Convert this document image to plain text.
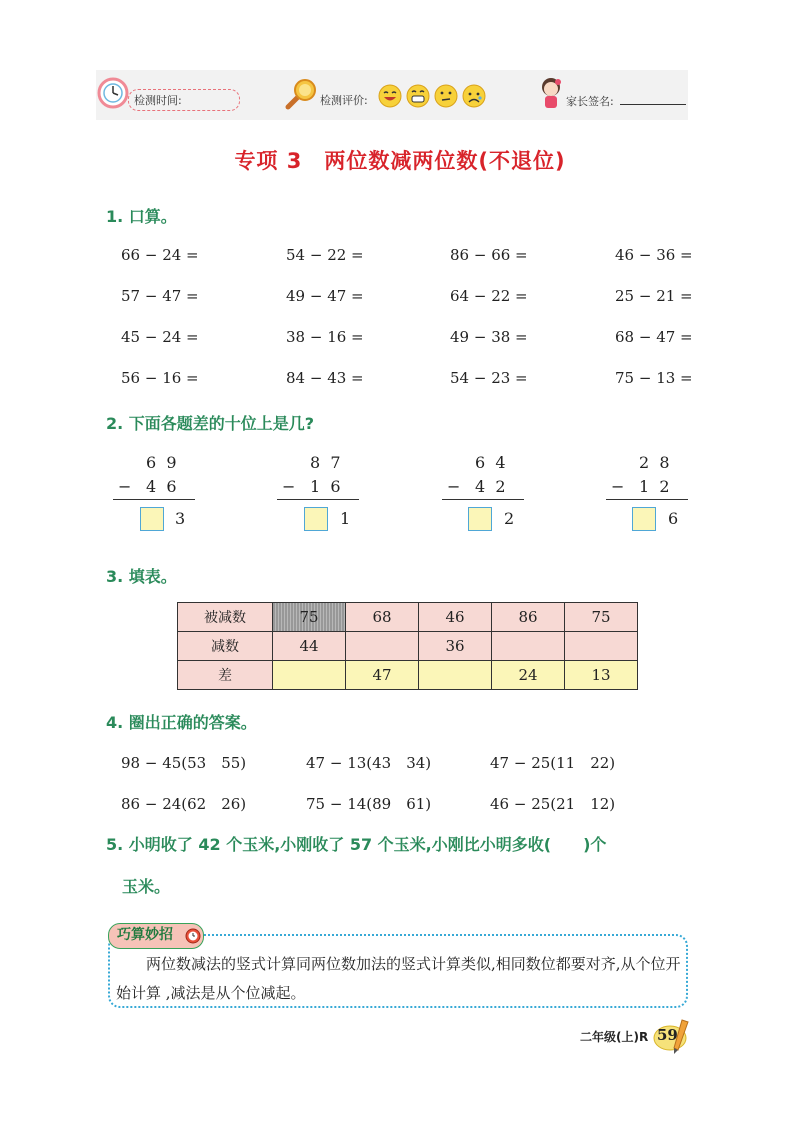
检测时间:	检测评价:	家长签名:
专项 3　两位数减两位数(不退位)
1. 口算。
66 − 24 =	54 − 22 =	86 − 66 =	46 − 36 =
57 − 47 =	49 − 47 =	64 − 22 =	25 − 21 =
45 − 24 =	38 − 16 =	49 − 38 =	68 − 47 =
56 − 16 =	84 − 43 =	54 − 23 =	75 − 13 =
2. 下面各题差的十位上是几?
6  9
− 4  6
3
8  7
− 1  6
1
6  4
− 4  2
2
2  8
− 1  2
6
3. 填表。
被减数	75	68	46	86	75
减数	44		36		
差		47		24	13
4. 圈出正确的答案。
98 − 45(53　55)	47 − 13(43　34)	47 − 25(11　22)
86 − 24(62　26)	75 − 14(89　61)	46 − 25(21　12)
5. 小明收了 42 个玉米,小刚收了 57 个玉米,小刚比小明多收(　　)个
玉米。
巧算妙招
两位数减法的竖式计算同两位数加法的竖式计算类似,相同数位都要对齐,从个位开始计算 ,减法是从个位减起。
二年级(上)R 59
